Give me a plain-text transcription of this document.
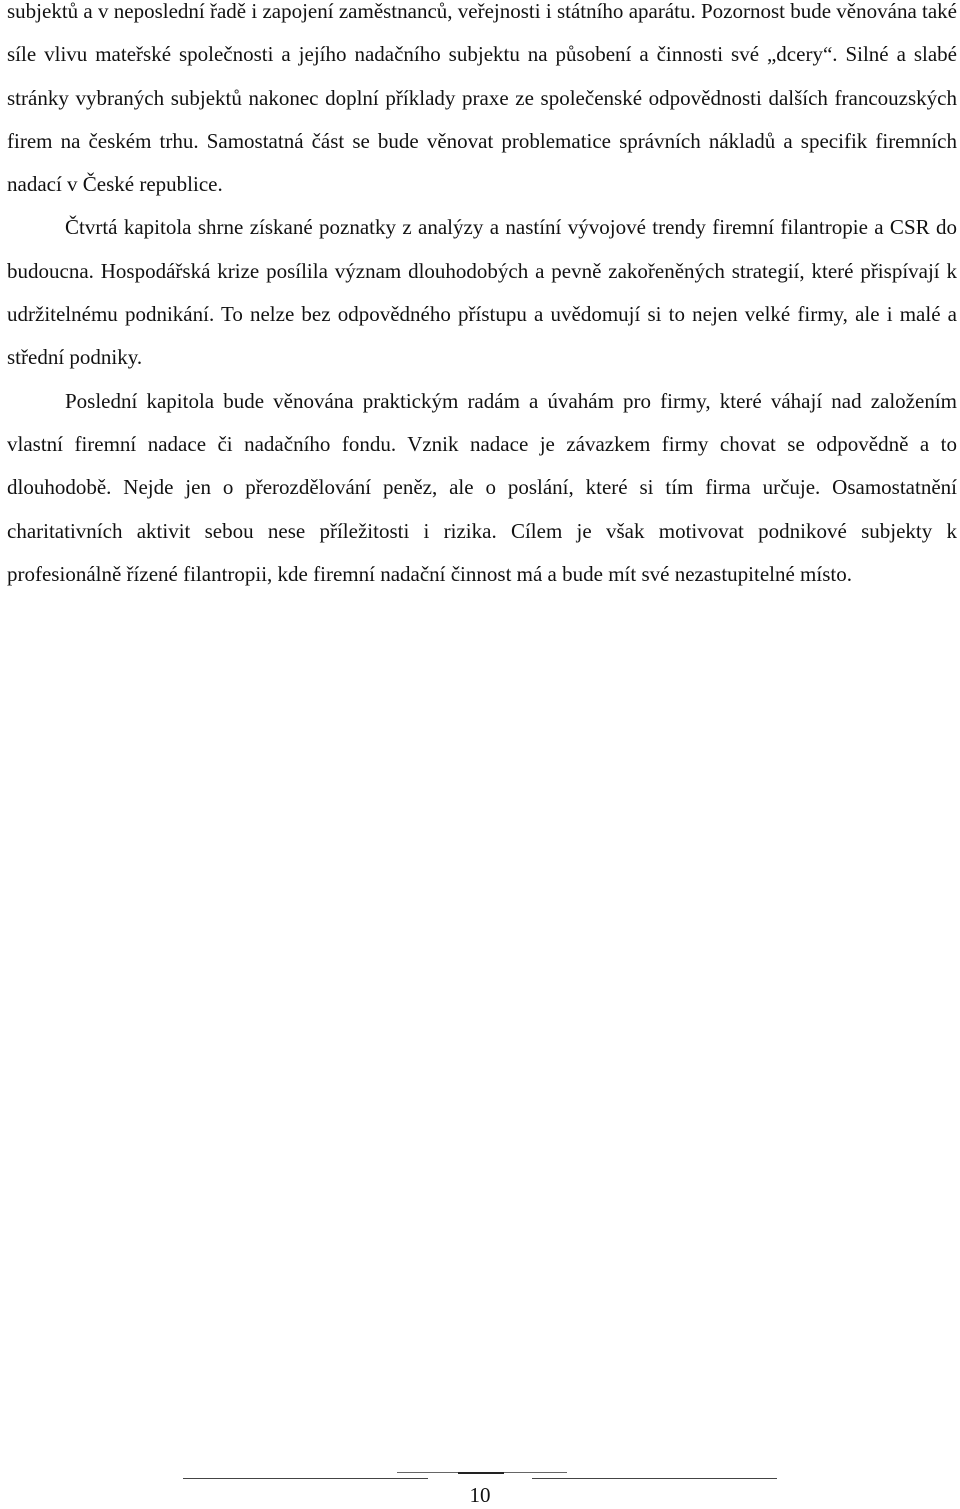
subjektů a v neposlední řadě i zapojení zaměstnanců, veřejnosti i státního aparátu. Pozornost bude věnována také síle vlivu mateřské společnosti a jejího nadačního subjektu na působení a činnosti své „dcery“. Silné a slabé stránky vybraných subjektů nakonec doplní příklady praxe ze společenské odpovědnosti dalších francouzských firem na českém trhu. Samostatná část se bude věnovat problematice správních nákladů a specifik firemních nadací v České republice.

Čtvrtá kapitola shrne získané poznatky z analýzy a nastíní vývojové trendy firemní filantropie a CSR do budoucna. Hospodářská krize posílila význam dlouhodobých a pevně zakořeněných strategií, které přispívají k udržitelnému podnikání. To nelze bez odpovědného přístupu a uvědomují si to nejen velké firmy, ale i malé a střední podniky.

Poslední kapitola bude věnována praktickým radám a úvahám pro firmy, které váhají nad založením vlastní firemní nadace či nadačního fondu. Vznik nadace je závazkem firmy chovat se odpovědně a to dlouhodobě. Nejde jen o přerozdělování peněz, ale o poslání, které si tím firma určuje. Osamostatnění charitativních aktivit sebou nese příležitosti i rizika. Cílem je však motivovat podnikové subjekty k profesionálně řízené filantropii, kde firemní nadační činnost má a bude mít své nezastupitelné místo.

10
